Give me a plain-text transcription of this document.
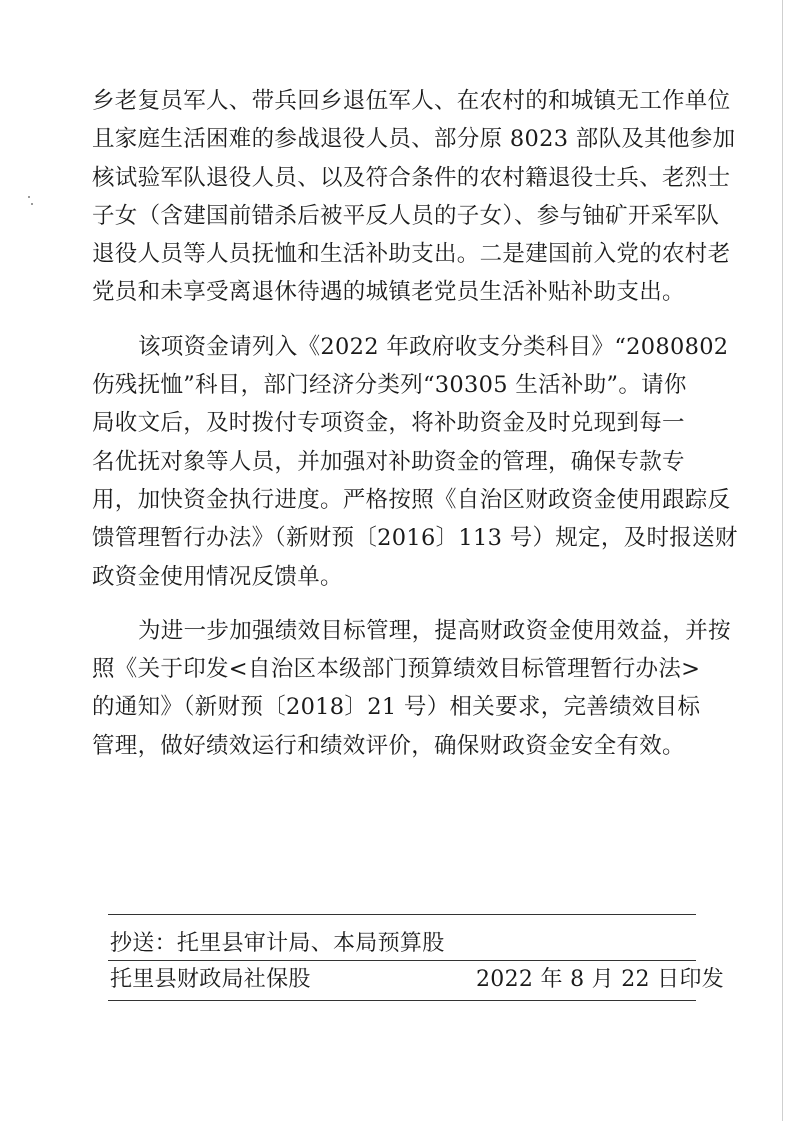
乡老复员军人、带兵回乡退伍军人、在农村的和城镇无工作单位
且家庭生活困难的参战退役人员、部分原 8023 部队及其他参加
核试验军队退役人员、以及符合条件的农村籍退役士兵、老烈士
子女（含建国前错杀后被平反人员的子女）、参与铀矿开采军队
退役人员等人员抚恤和生活补助支出。二是建国前入党的农村老
党员和未享受离退休待遇的城镇老党员生活补贴补助支出。
该项资金请列入《2022 年政府收支分类科目》“2080802
伤残抚恤”科目，部门经济分类列“30305 生活补助”。请你
局收文后，及时拨付专项资金，将补助资金及时兑现到每一
名优抚对象等人员，并加强对补助资金的管理，确保专款专
用，加快资金执行进度。严格按照《自治区财政资金使用跟踪反
馈管理暂行办法》（新财预〔2016〕113 号）规定，及时报送财
政资金使用情况反馈单。
为进一步加强绩效目标管理，提高财政资金使用效益，并按
照《关于印发<自治区本级部门预算绩效目标管理暂行办法>
的通知》（新财预〔2018〕21 号）相关要求，完善绩效目标
管理，做好绩效运行和绩效评价，确保财政资金安全有效。
抄送：托里县审计局、本局预算股
托里县财政局社保股	2022 年 8 月 22 日印发
